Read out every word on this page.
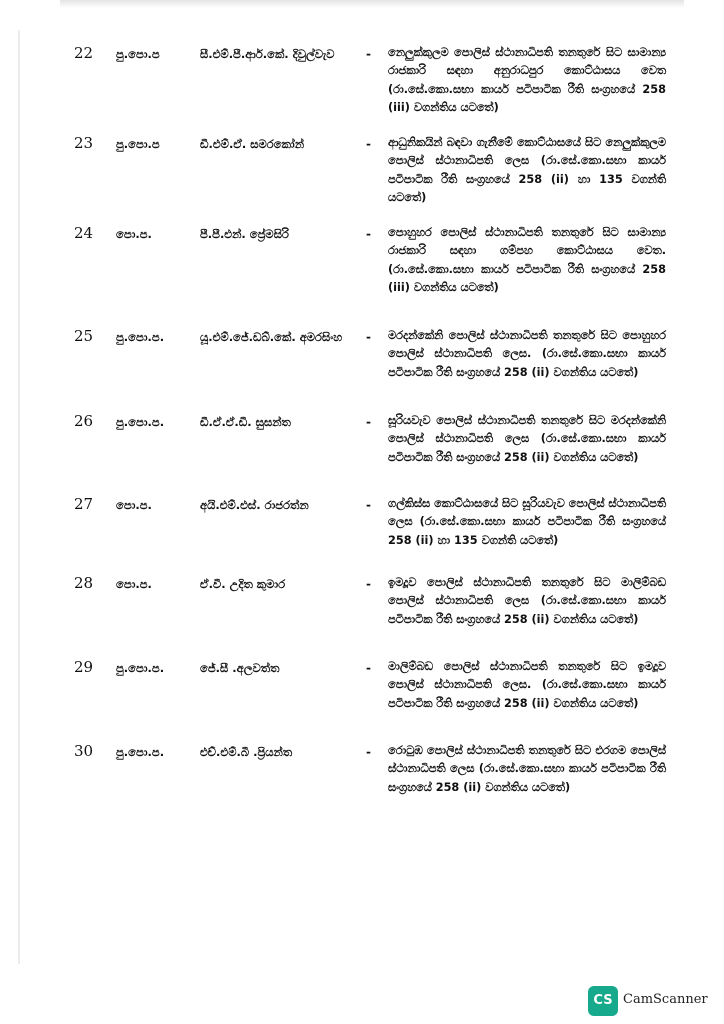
22 පු.පො.ප	සී.එම්.පී.ආර්.කේ. දිවුල්වැව	- නෙලුක්කුලම පොලිස් ස්ථානාධිපති තනතුරේ සිට සාමාන්‍ය රාජකාරි සඳහා අනුරාධපුර කොට්ඨාසය වෙත (රා.සේ.කො.සභා කාර්ය පටිපාටික රීති සංග්‍රහයේ 258 (iii) වගන්තිය යටතේ)
23 පු.පො.ප	ඩී.එම්.ඒ. සමරකෝන්	- ආධුනිකයින් බඳවා ගැනීමේ කොට්ඨාසයේ සිට නෙලුක්කුලම පොලිස් ස්ථානාධිපති ලෙස (රා.සේ.කො.සභා කාර්ය පටිපාටික රීති සංග්‍රහයේ 258 (ii) හා 135 වගන්ති යටතේ)
24 පො.ප.	පී.පී.එන්. ප්‍රේමසිරි	- පොහුහර පොලිස් ස්ථානාධිපති තනතුරේ සිට සාමාන්‍ය රාජකාරි සඳහා ගම්පහ කොට්ඨාසය වෙත. (රා.සේ.කො.සභා කාර්ය පටිපාටික රීති සංග්‍රහයේ 258 (iii) වගන්තිය යටතේ)
25 පු.පො.ප.	යූ.එම්.ජේ.ඩබ්.කේ. අමරසිංහ	- මරදන්කේනි පොලිස් ස්ථානාධිපති තනතුරේ සිට පොහුහර පොලිස් ස්ථානාධිපති ලෙස. (රා.සේ.කො.සභා කාර්ය පටිපාටික රීති සංග්‍රහයේ 258 (ii) වගන්තිය යටතේ)
26 පු.පො.ප.	ඩී.ඒ.ඒ.ඩී. සුසන්ත	- සූරියවැව පොලිස් ස්ථානාධිපති තනතුරේ සිට මරදන්කේනි පොලිස් ස්ථානාධිපති ලෙස (රා.සේ.කො.සභා කාර්ය පටිපාටික රීති සංග්‍රහයේ 258 (ii) වගන්තිය යටතේ)
27 පො.ප.	අයි.එම්.එස්. රාජරත්න	- ගල්කිස්ස කොට්ඨාසයේ සිට සූරියවැව පොලිස් ස්ථානාධිපති ලෙස (රා.සේ.කො.සභා කාර්ය පටිපාටික රීති සංග්‍රහයේ 258 (ii) හා 135 වගන්ති යටතේ)
28 පො.ප.	ඒ.වී. උදිත කුමාර	- ඉමදූව පොලිස් ස්ථානාධිපති තනතුරේ සිට මාලිම්බඩ පොලිස් ස්ථානාධිපති ලෙස (රා.සේ.කො.සභා කාර්ය පටිපාටික රීති සංග්‍රහයේ 258 (ii) වගන්තිය යටතේ)
29 පු.පො.ප.	ජේ.සී .අලවත්ත	- මාලිම්බඩ පොලිස් ස්ථානාධිපති තනතුරේ සිට ඉමදූව පොලිස් ස්ථානාධිපති ලෙස. (රා.සේ.කො.සභා කාර්ය පටිපාටික රීති සංග්‍රහයේ 258 (ii) වගන්තිය යටතේ)
30 පු.පො.ප.	එච්.එම්.බී .ප්‍රියන්ත	- රොටුඹ පොලිස් ස්ථානාධිපති තනතුරේ සිට එරගම පොලිස් ස්ථානාධිපති ලෙස (රා.සේ.කො.සභා කාර්ය පටිපාටික රීති සංග්‍රහයේ 258 (ii) වගන්තිය යටතේ)
CS CamScanner
